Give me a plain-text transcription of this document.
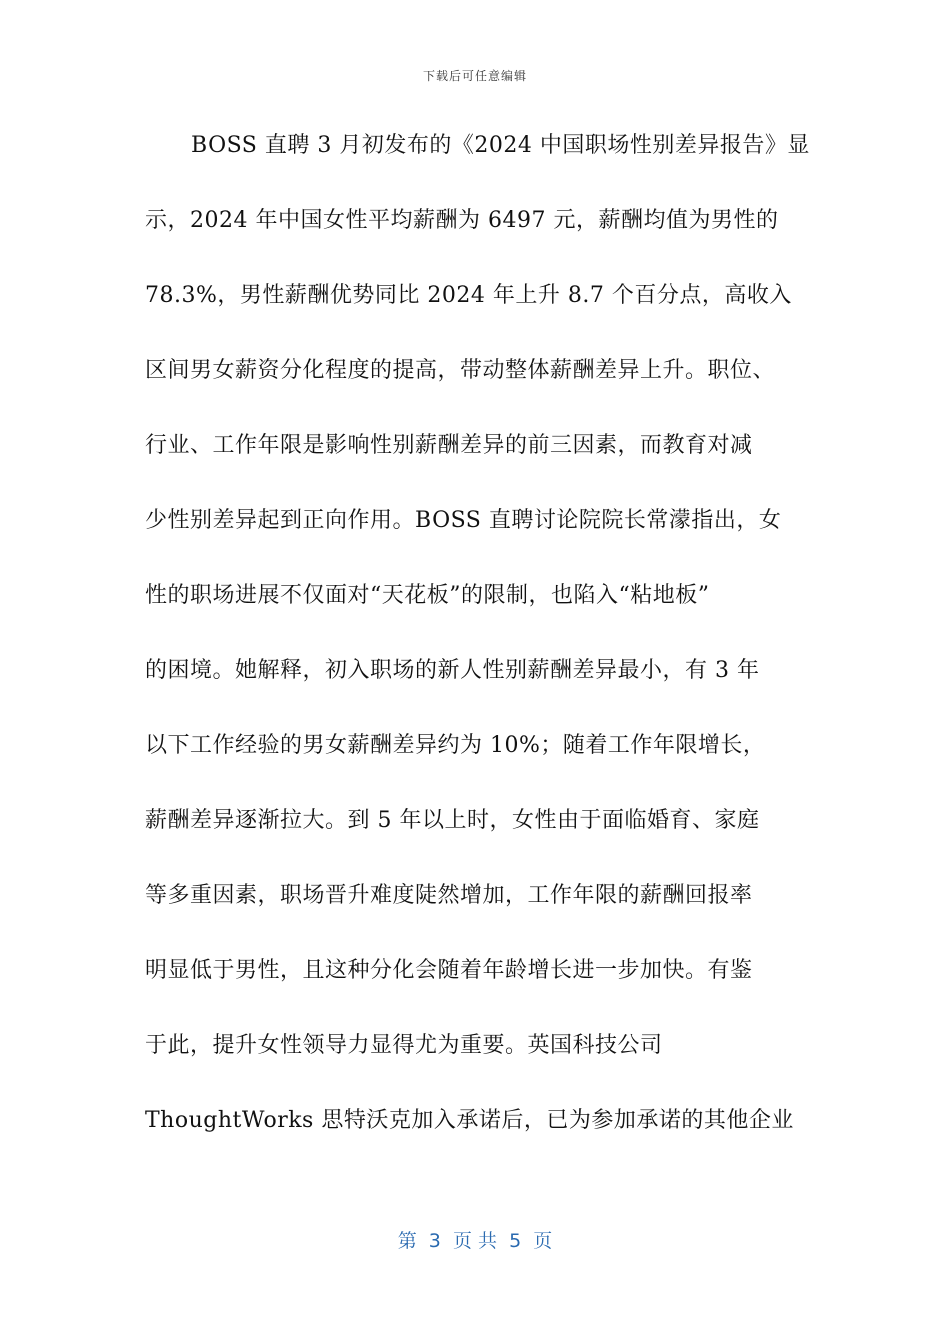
下载后可任意编辑
BOSS 直聘 3 月初发布的《2024 中国职场性别差异报告》显
示，2024 年中国女性平均薪酬为 6497 元，薪酬均值为男性的
78.3%，男性薪酬优势同比 2024 年上升 8.7 个百分点，高收入
区间男女薪资分化程度的提高，带动整体薪酬差异上升。职位、
行业、工作年限是影响性别薪酬差异的前三因素，而教育对减
少性别差异起到正向作用。BOSS 直聘讨论院院长常濛指出，女
性的职场进展不仅面对“天花板”的限制，也陷入“粘地板”
的困境。她解释，初入职场的新人性别薪酬差异最小，有 3 年
以下工作经验的男女薪酬差异约为 10%；随着工作年限增长，
薪酬差异逐渐拉大。到 5 年以上时，女性由于面临婚育、家庭
等多重因素，职场晋升难度陡然增加，工作年限的薪酬回报率
明显低于男性，且这种分化会随着年龄增长进一步加快。有鉴
于此，提升女性领导力显得尤为重要。英国科技公司
ThoughtWorks 思特沃克加入承诺后，已为参加承诺的其他企业
第  3  页 共  5  页
